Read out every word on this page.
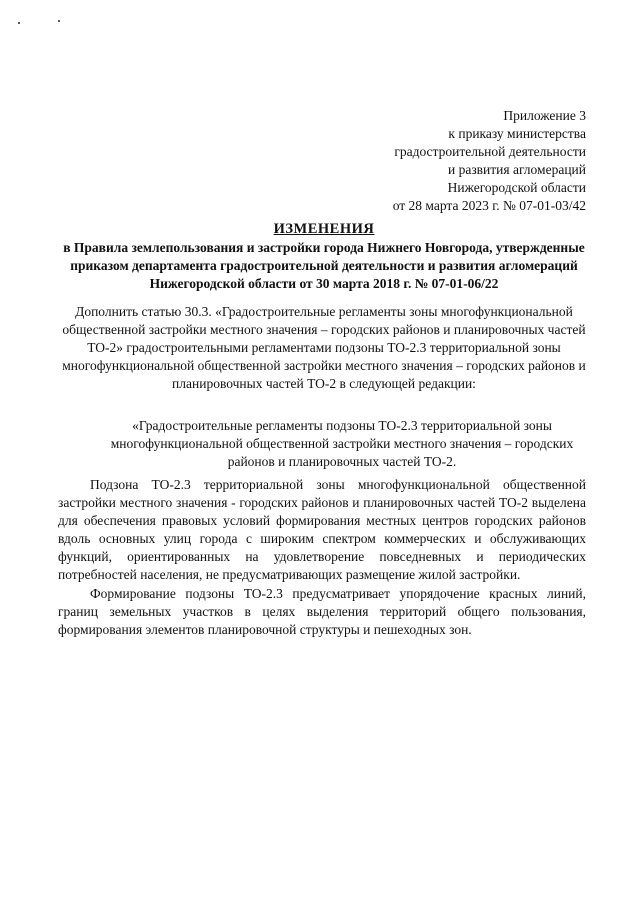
Приложение 3
к приказу министерства
градостроительной деятельности
и развития агломераций
Нижегородской области
от 28 марта 2023 г. № 07-01-03/42
ИЗМЕНЕНИЯ
в Правила землепользования и застройки города Нижнего Новгорода, утвержденные приказом департамента градостроительной деятельности и развития агломераций Нижегородской области от 30 марта 2018 г. № 07-01-06/22
Дополнить статью 30.3. «Градостроительные регламенты зоны многофункциональной общественной застройки местного значения – городских районов и планировочных частей ТО-2» градостроительными регламентами подзоны ТО-2.3 территориальной зоны многофункциональной общественной застройки местного значения – городских районов и планировочных частей ТО-2 в следующей редакции:
«Градостроительные регламенты подзоны ТО-2.3 территориальной зоны многофункциональной общественной застройки местного значения – городских районов и планировочных частей ТО-2.
Подзона ТО-2.3 территориальной зоны многофункциональной общественной застройки местного значения - городских районов и планировочных частей ТО-2 выделена для обеспечения правовых условий формирования местных центров городских районов вдоль основных улиц города с широким спектром коммерческих и обслуживающих функций, ориентированных на удовлетворение повседневных и периодических потребностей населения, не предусматривающих размещение жилой застройки.
Формирование подзоны ТО-2.3 предусматривает упорядочение красных линий, границ земельных участков в целях выделения территорий общего пользования, формирования элементов планировочной структуры и пешеходных зон.
